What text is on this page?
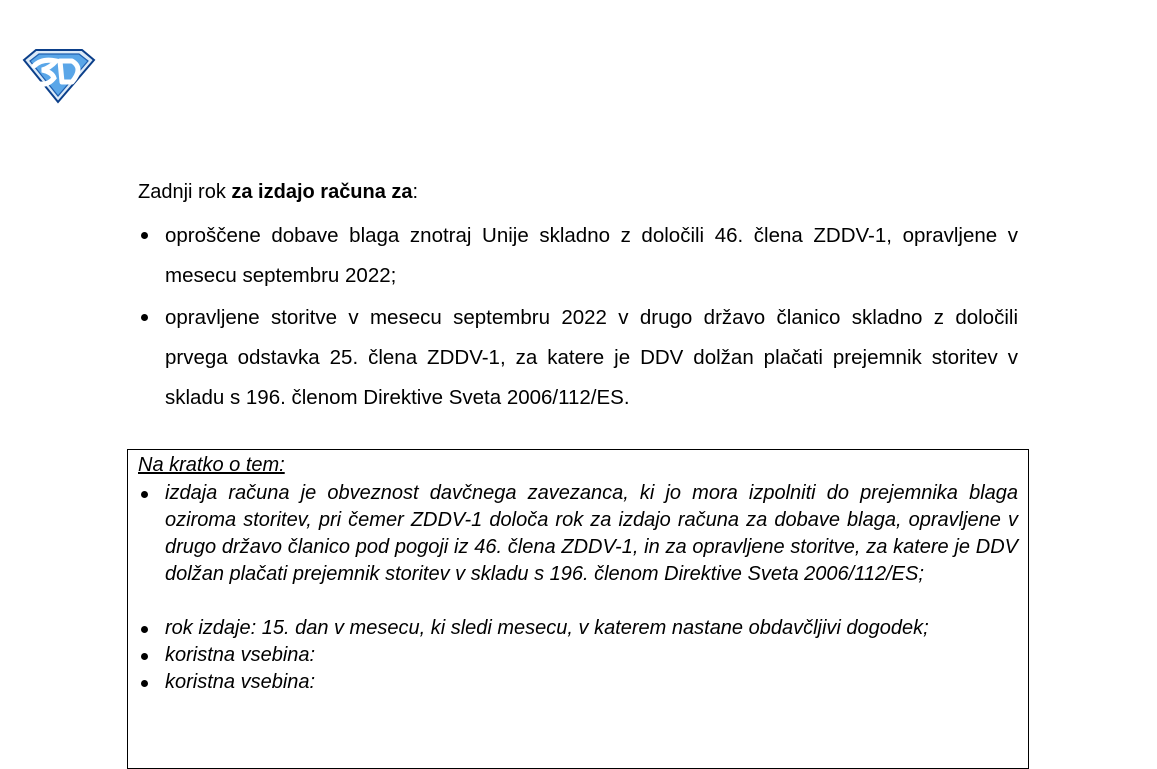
Zadnji rok za izdajo računa za:
oproščene dobave blaga znotraj Unije skladno z določili 46. člena ZDDV-1, opravljene v mesecu septembru 2022;
opravljene storitve v mesecu septembru 2022 v drugo državo članico skladno z določili prvega odstavka 25. člena ZDDV-1, za katere je DDV dolžan plačati prejemnik storitev v skladu s 196. členom Direktive Sveta 2006/112/ES.
Na kratko o tem:
izdaja računa je obveznost davčnega zavezanca, ki jo mora izpolniti do prejemnika blaga oziroma storitev, pri čemer ZDDV-1 določa rok za izdajo računa za dobave blaga, opravljene v drugo državo članico pod pogoji iz 46. člena ZDDV-1, in za opravljene storitve, za katere je DDV dolžan plačati prejemnik storitev v skladu s 196. členom Direktive Sveta 2006/112/ES;
rok izdaje: 15. dan v mesecu, ki sledi mesecu, v katerem nastane obdavčljivi dogodek;
koristna vsebina:
koristna vsebina:
